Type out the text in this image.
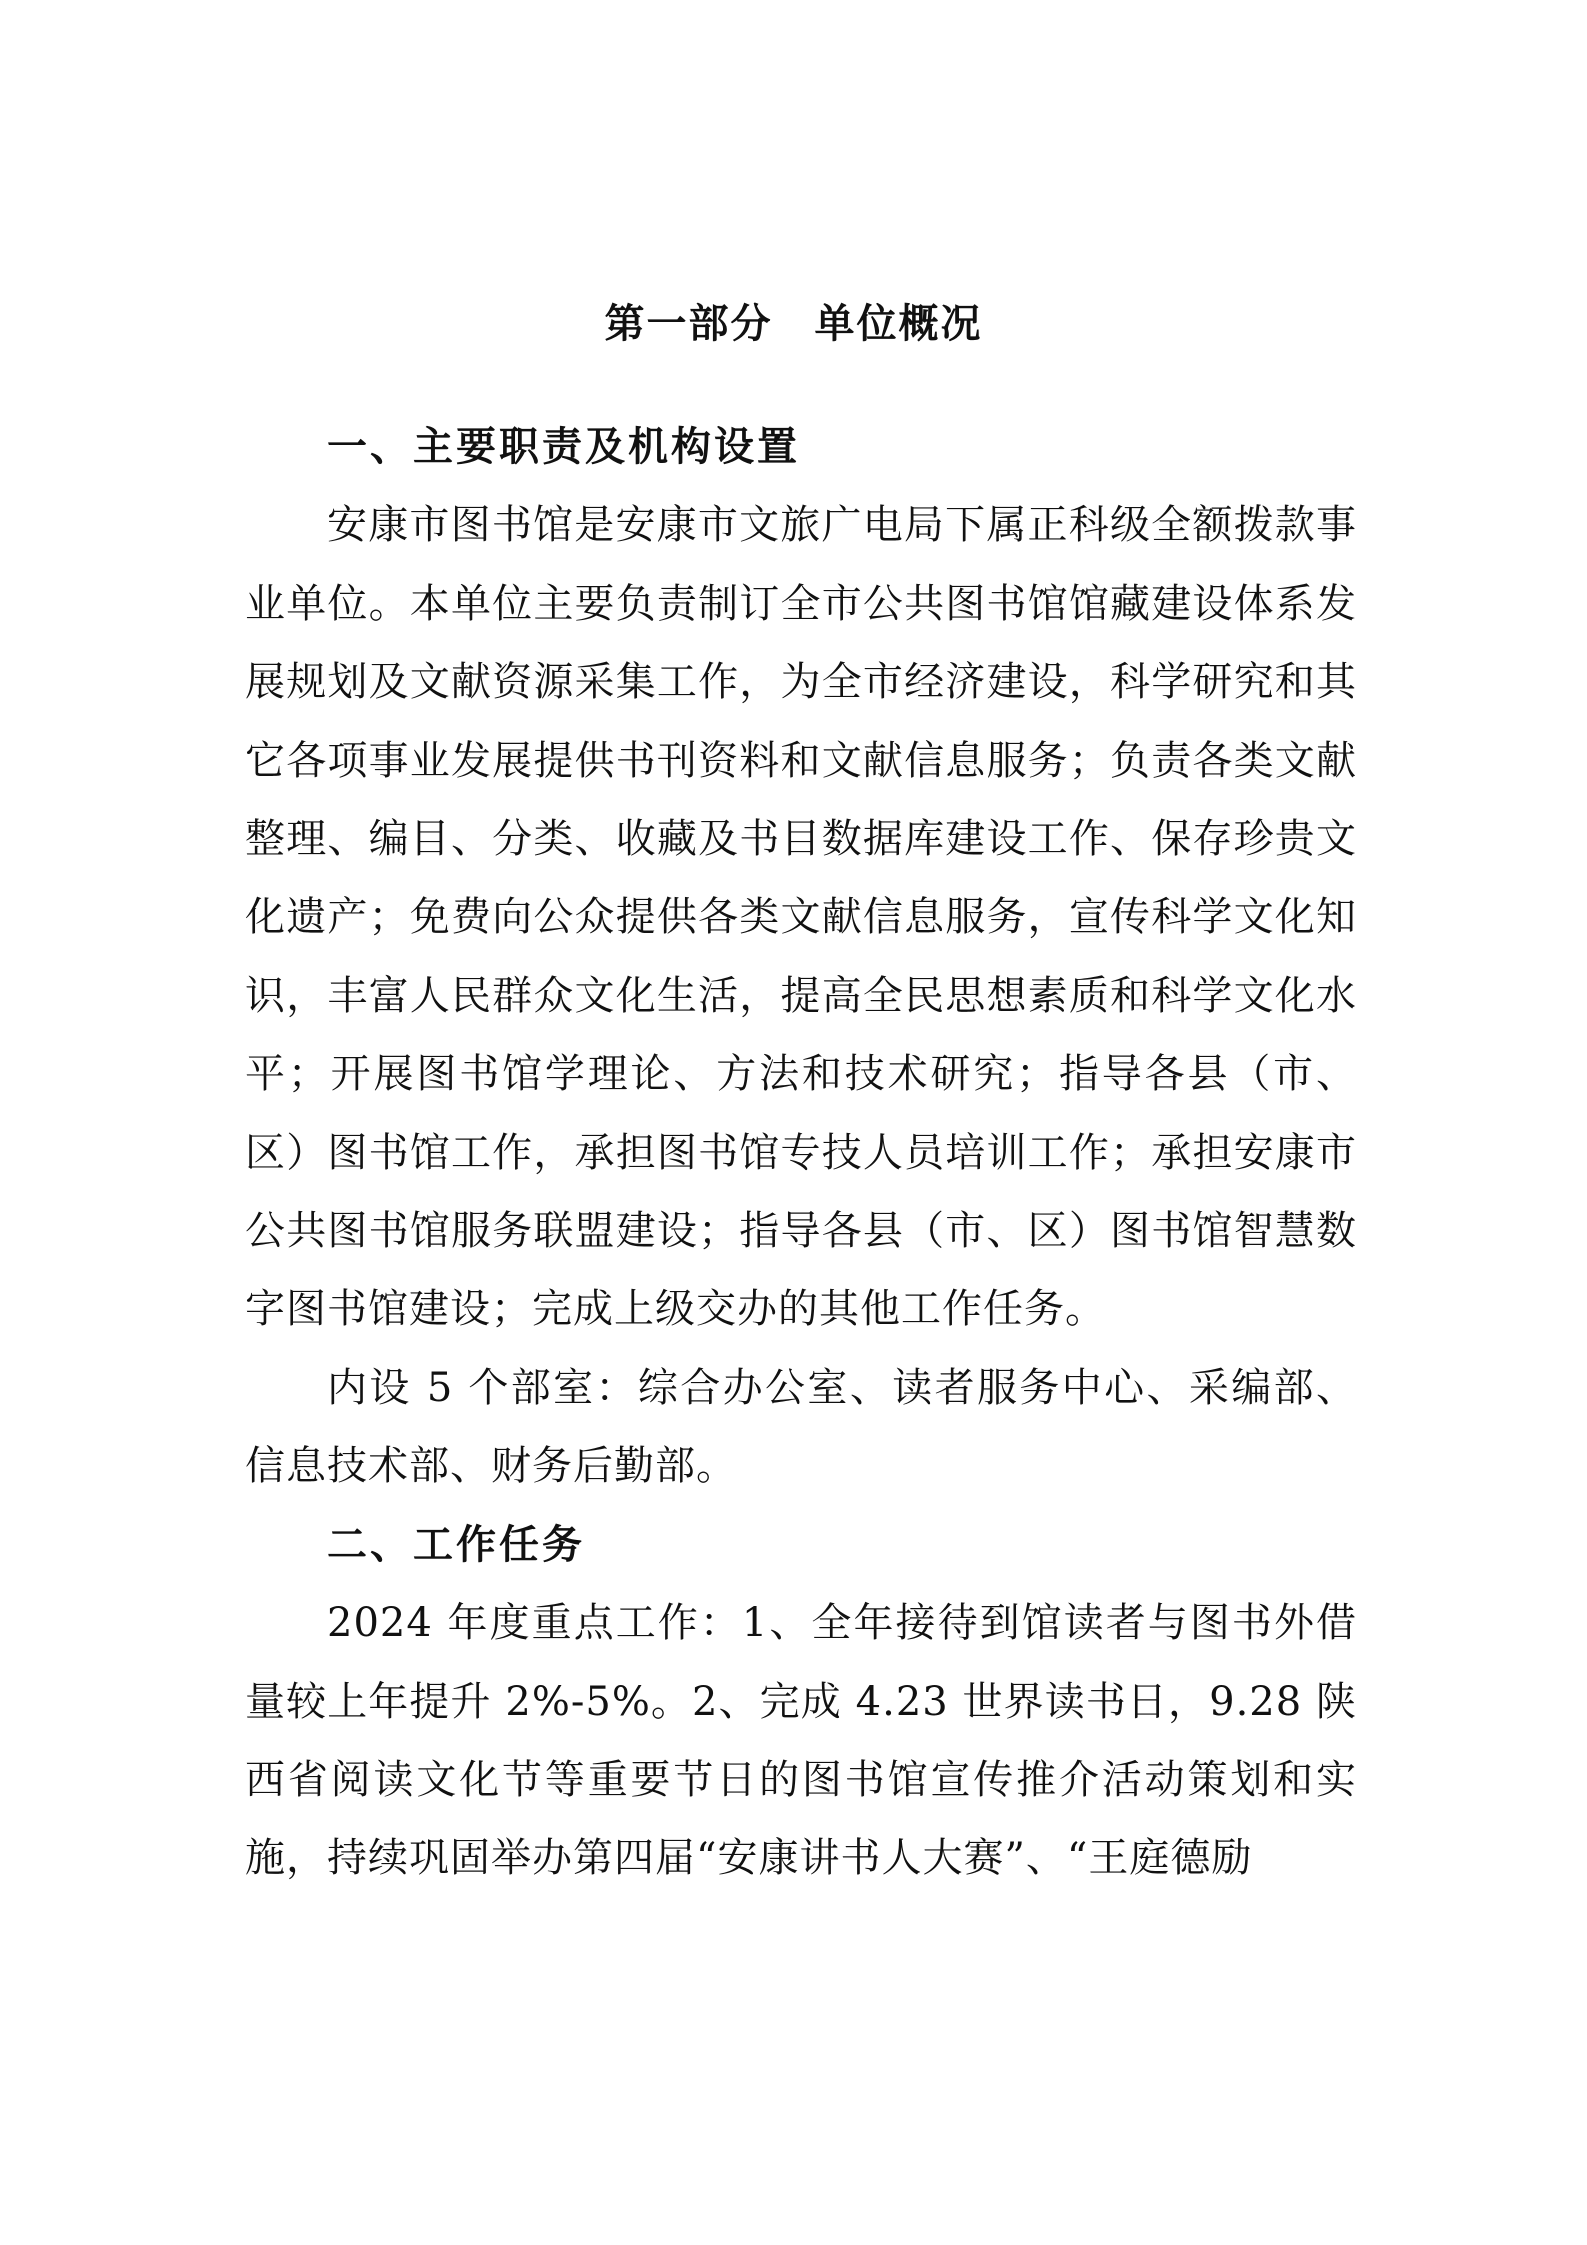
第一部分　单位概况

一、主要职责及机构设置

安康市图书馆是安康市文旅广电局下属正科级全额拨款事业单位。本单位主要负责制订全市公共图书馆馆藏建设体系发展规划及文献资源采集工作，为全市经济建设，科学研究和其它各项事业发展提供书刊资料和文献信息服务；负责各类文献整理、编目、分类、收藏及书目数据库建设工作、保存珍贵文化遗产；免费向公众提供各类文献信息服务，宣传科学文化知识，丰富人民群众文化生活，提高全民思想素质和科学文化水平；开展图书馆学理论、方法和技术研究；指导各县（市、区）图书馆工作，承担图书馆专技人员培训工作；承担安康市公共图书馆服务联盟建设；指导各县（市、区）图书馆智慧数字图书馆建设；完成上级交办的其他工作任务。

内设 5 个部室：综合办公室、读者服务中心、采编部、信息技术部、财务后勤部。

二、工作任务

2024 年度重点工作：1、全年接待到馆读者与图书外借量较上年提升 2%-5%。2、完成 4.23 世界读书日，9.28 陕西省阅读文化节等重要节日的图书馆宣传推介活动策划和实施，持续巩固举办第四届“安康讲书人大赛”、“王庭德励
